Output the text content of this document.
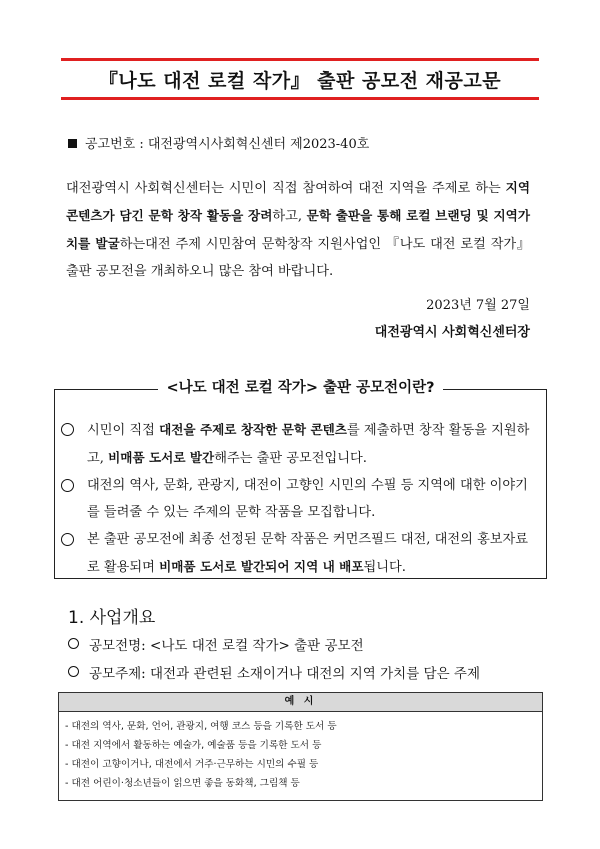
『나도 대전 로컬 작가』 출판 공모전 재공고문
공고번호 : 대전광역시사회혁신센터 제2023-40호
대전광역시 사회혁신센터는 시민이 직접 참여하여 대전 지역을 주제로 하는 지역 콘텐츠가 담긴 문학 창작 활동을 장려하고, 문학 출판을 통해 로컬 브랜딩 및 지역가치를 발굴하는대전 주제 시민참여 문학창작 지원사업인 『나도 대전 로컬 작가』 출판 공모전을 개최하오니 많은 참여 바랍니다.
2023년 7월 27일
대전광역시 사회혁신센터장
<나도 대전 로컬 작가> 출판 공모전이란?
시민이 직접 대전을 주제로 창작한 문학 콘텐츠를 제출하면 창작 활동을 지원하고, 비매품 도서로 발간해주는 출판 공모전입니다.
대전의 역사, 문화, 관광지, 대전이 고향인 시민의 수필 등 지역에 대한 이야기를 들려줄 수 있는 주제의 문학 작품을 모집합니다.
본 출판 공모전에 최종 선정된 문학 작품은 커먼즈필드 대전, 대전의 홍보자료로 활용되며 비매품 도서로 발간되어 지역 내 배포됩니다.
1. 사업개요
공모전명: <나도 대전 로컬 작가> 출판 공모전
공모주제: 대전과 관련된 소재이거나 대전의 지역 가치를 담은 주제
예 시
- 대전의 역사, 문화, 언어, 관광지, 여행 코스 등을 기록한 도서 등
- 대전 지역에서 활동하는 예술가, 예술품 등을 기록한 도서 등
- 대전이 고향이거나, 대전에서 거주·근무하는 시민의 수필 등
- 대전 어린이·청소년들이 읽으면 좋을 동화책, 그림책 등
